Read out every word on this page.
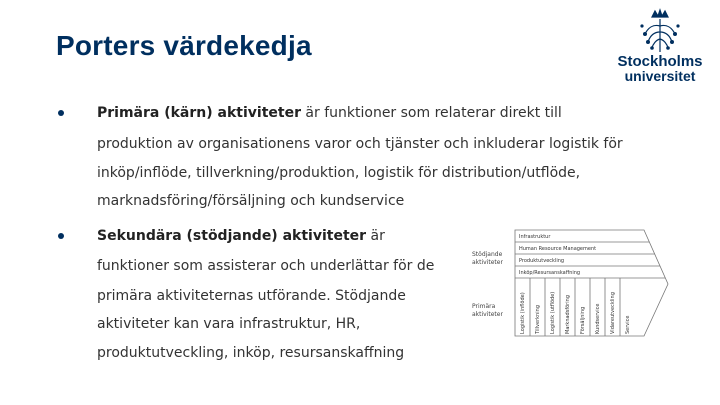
Porters värdekedja
Stockholms
universitet
Primära (kärn) aktiviteter är funktioner som relaterar direkt till
produktion av organisationens varor och tjänster och inkluderar logistik för
inköp/inflöde, tillverkning/produktion, logistik för distribution/utflöde,
marknadsföring/försäljning och kundservice
Sekundära (stödjande) aktiviteter är
funktioner som assisterar och underlättar för de
primära aktiviteternas utförande. Stödjande
aktiviteter kan vara infrastruktur, HR,
produktutveckling, inköp, resursanskaffning
Stödjande
aktiviteter
Primära
aktiviteter
Infrastruktur
Human Resource Management
Produktutveckling
Inköp/Resursanskaffning
Logistik (inflöde) Tillverkning Logistik (utflöde) Marknadsföring Försäljning Kundservice Vidareutveckling Service
